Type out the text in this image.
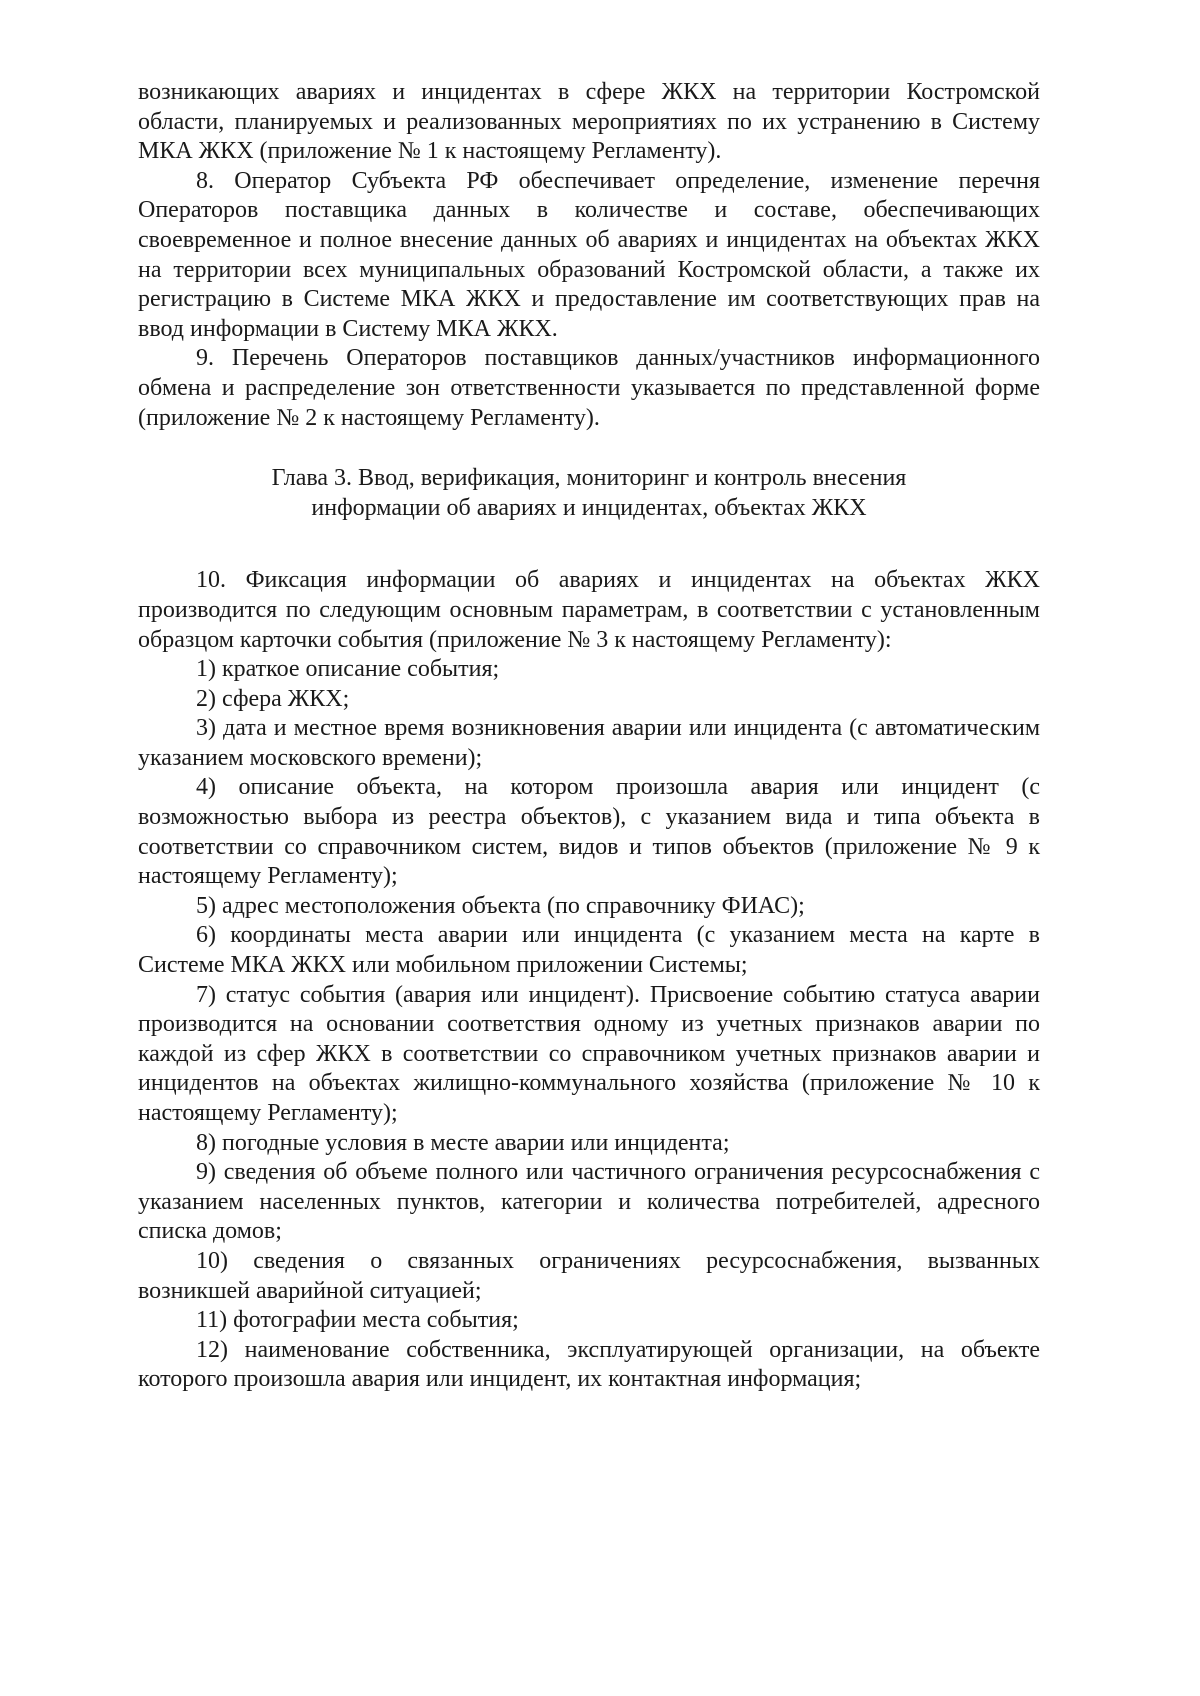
возникающих авариях и инцидентах в сфере ЖКХ на территории Костромской области, планируемых и реализованных мероприятиях по их устранению в Систему МКА ЖКХ (приложение № 1 к настоящему Регламенту).

8. Оператор Субъекта РФ обеспечивает определение, изменение перечня Операторов поставщика данных в количестве и составе, обеспечивающих своевременное и полное внесение данных об авариях и инцидентах на объектах ЖКХ на территории всех муниципальных образований Костромской области, а также их регистрацию в Системе МКА ЖКХ и предоставление им соответствующих прав на ввод информации в Систему МКА ЖКХ.

9. Перечень Операторов поставщиков данных/участников информационного обмена и распределение зон ответственности указывается по представленной форме (приложение № 2 к настоящему Регламенту).

Глава 3. Ввод, верификация, мониторинг и контроль внесения
информации об авариях и инцидентах, объектах ЖКХ

10. Фиксация информации об авариях и инцидентах на объектах ЖКХ производится по следующим основным параметрам, в соответствии с установленным образцом карточки события (приложение № 3 к настоящему Регламенту):

1) краткое описание события;

2) сфера ЖКХ;

3) дата и местное время возникновения аварии или инцидента (с автоматическим указанием московского времени);

4) описание объекта, на котором произошла авария или инцидент (с возможностью выбора из реестра объектов), с указанием вида и типа объекта в соответствии со справочником систем, видов и типов объектов (приложение № 9 к настоящему Регламенту);

5) адрес местоположения объекта (по справочнику ФИАС);

6) координаты места аварии или инцидента (с указанием места на карте в Системе МКА ЖКХ или мобильном приложении Системы;

7) статус события (авария или инцидент). Присвоение событию статуса аварии производится на основании соответствия одному из учетных признаков аварии по каждой из сфер ЖКХ в соответствии со справочником учетных признаков аварии и инцидентов на объектах жилищно-коммунального хозяйства (приложение № 10 к настоящему Регламенту);

8) погодные условия в месте аварии или инцидента;

9) сведения об объеме полного или частичного ограничения ресурсоснабжения с указанием населенных пунктов, категории и количества потребителей, адресного списка домов;

10) сведения о связанных ограничениях ресурсоснабжения, вызванных возникшей аварийной ситуацией;

11) фотографии места события;

12) наименование собственника, эксплуатирующей организации, на объекте которого произошла авария или инцидент, их контактная информация;
